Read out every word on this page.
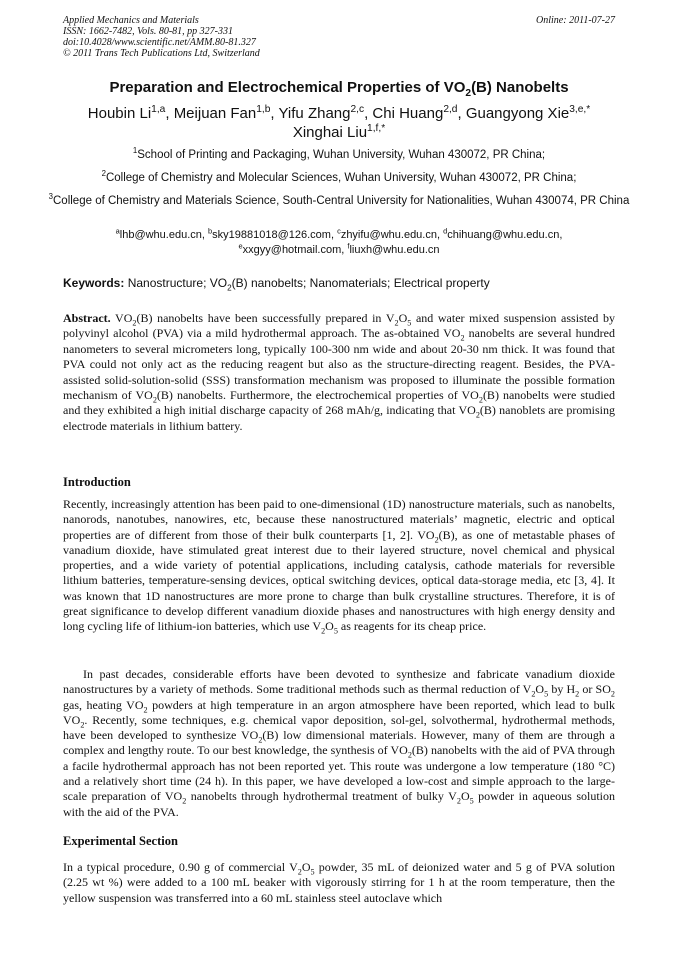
Applied Mechanics and Materials
ISSN: 1662-7482, Vols. 80-81, pp 327-331
doi:10.4028/www.scientific.net/AMM.80-81.327
© 2011 Trans Tech Publications Ltd, Switzerland
Online: 2011-07-27
Preparation and Electrochemical Properties of $VO_2(B)$ Nanobelts
Houbin Li$^{1,a}$, Meijuan Fan$^{1,b}$, Yifu Zhang$^{2,c}$, Chi Huang$^{2,d}$, Guangyong Xie$^{3,e,*}$
Xinghai Liu$^{1,f,*}$

$^1$School of Printing and Packaging, Wuhan University, Wuhan 430072, PR China;

$^2$College of Chemistry and Molecular Sciences, Wuhan University, Wuhan 430072, PR China;

$^3$College of Chemistry and Materials Science, South-Central University for Nationalities, Wuhan 430074, PR China

$^a$lhb@whu.edu.cn, $^b$sky19881018@126.com, $^c$zhyifu@whu.edu.cn, $^d$chihuang@whu.edu.cn,
$^e$xxgyy@hotmail.com, $^f$liuxh@whu.edu.cn
Keywords: Nanostructure; $VO_2(B)$ nanobelts; Nanomaterials; Electrical property

Abstract. $VO_2(B)$ nanobelts have been successfully prepared in $V_2O_5$ and water mixed suspension assisted by polyvinyl alcohol (PVA) via a mild hydrothermal approach. The as-obtained $VO_2$ nanobelts are several hundred nanometers to several micrometers long, typically 100-300 nm wide and about 20-30 nm thick. It was found that PVA could not only act as the reducing reagent but also as the structure-directing reagent. Besides, the PVA-assisted solid-solution-solid (SSS) transformation mechanism was proposed to illuminate the possible formation mechanism of $VO_2(B)$ nanobelts. Furthermore, the electrochemical properties of $VO_2(B)$ nanobelts were studied and they exhibited a high initial discharge capacity of 268 mAh/g, indicating that $VO_2(B)$ nanoblets are promising electrode materials in lithium battery.

Introduction

Recently, increasingly attention has been paid to one-dimensional (1D) nanostructure materials, such as nanobelts, nanorods, nanotubes, nanowires, etc, because these nanostructured materials’ magnetic, electric and optical properties are of different from those of their bulk counterparts [1, 2]. $VO_2(B)$, as one of metastable phases of vanadium dioxide, have stimulated great interest due to their layered structure, novel chemical and physical properties, and a wide variety of potential applications, including catalysis, cathode materials for reversible lithium batteries, temperature-sensing devices, optical switching devices, optical data-storage media, etc [3, 4]. It was known that 1D nanostructures are more prone to charge than bulk crystalline structures. Therefore, it is of great significance to develop different vanadium dioxide phases and nanostructures with high energy density and long cycling life of lithium-ion batteries, which use $V_2O_5$ as reagents for its cheap price.

In past decades, considerable efforts have been devoted to synthesize and fabricate vanadium dioxide nanostructures by a variety of methods. Some traditional methods such as thermal reduction of $V_2O_5$ by $H_2$ or $SO_2$ gas, heating $VO_2$ powders at high temperature in an argon atmosphere have been reported, which lead to bulk $VO_2$. Recently, some techniques, e.g. chemical vapor deposition, sol-gel, solvothermal, hydrothermal methods, have been developed to synthesize $VO_2(B)$ low dimensional materials. However, many of them are through a complex and lengthy route. To our best knowledge, the synthesis of $VO_2(B)$ nanobelts with the aid of PVA through a facile hydrothermal approach has not been reported yet. This route was undergone a low temperature (180 °C) and a relatively short time (24 h). In this paper, we have developed a low-cost and simple approach to the large-scale preparation of $VO_2$ nanobelts through hydrothermal treatment of bulky $V_2O_5$ powder in aqueous solution with the aid of the PVA.

Experimental Section

In a typical procedure, 0.90 g of commercial $V_2O_5$ powder, 35 mL of deionized water and 5 g of PVA solution (2.25 wt %) were added to a 100 mL beaker with vigorously stirring for 1 h at the room temperature, then the yellow suspension was transferred into a 60 mL stainless steel autoclave which
